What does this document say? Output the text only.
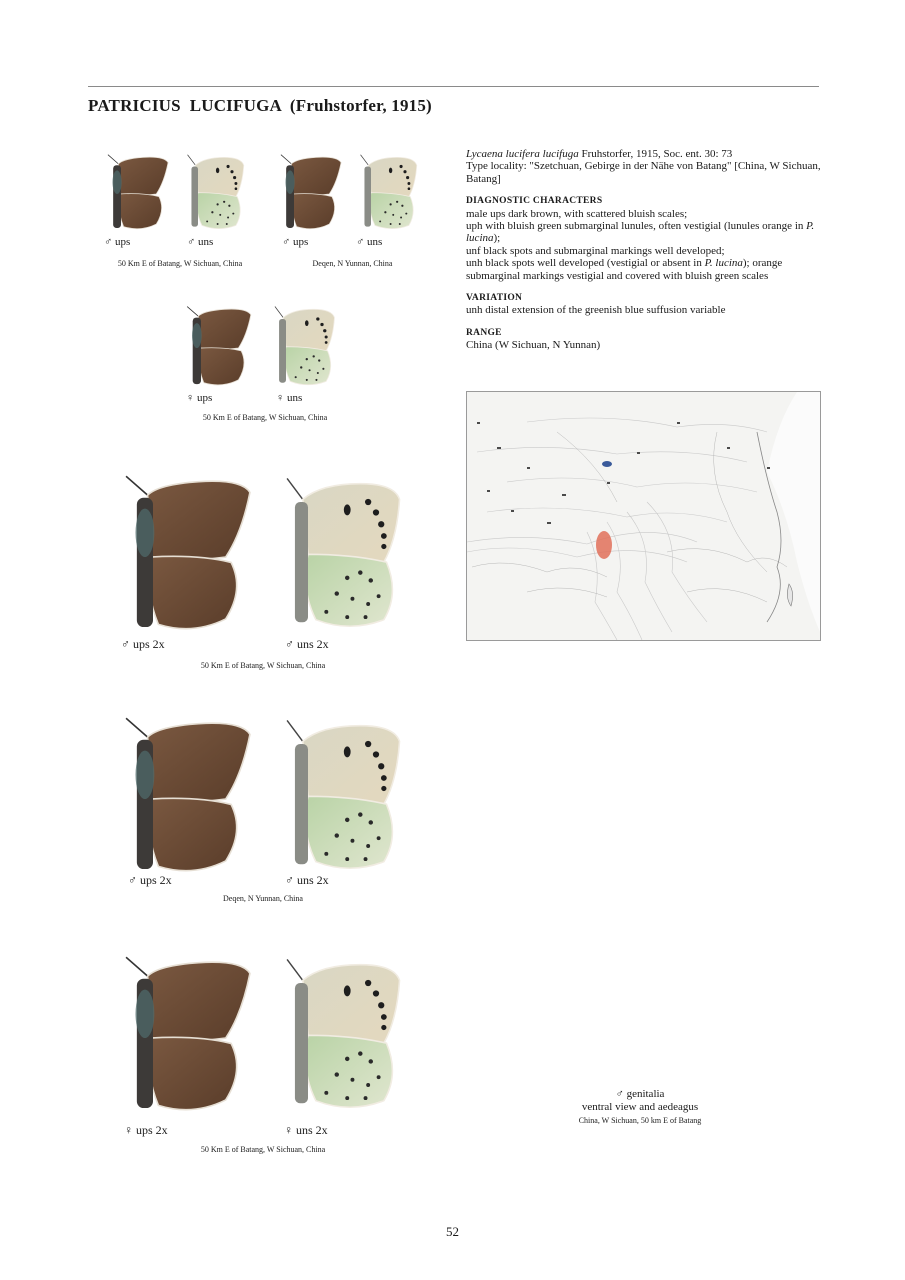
PATRICIUS  LUCIFUGA  (Fruhstorfer, 1915)
♂ ups	♂ uns	♂ ups	♂ uns
50 Km E of Batang, W Sichuan, China	Deqen, N Yunnan, China
♀ ups	♀ uns
50 Km E of Batang, W Sichuan, China
♂ ups 2x	♂ uns 2x
50 Km E of Batang, W Sichuan, China
♂ ups 2x	♂ uns 2x
Deqen, N Yunnan, China
♀ ups 2x	♀ uns 2x
50 Km E of Batang, W Sichuan, China

Lycaena lucifera lucifuga Fruhstorfer, 1915, Soc. ent. 30: 73

Type locality: "Szetchuan, Gebirge in der Nähe von Batang" [China, W Sichuan, Batang]

DIAGNOSTIC CHARACTERS

male ups dark brown, with scattered bluish scales;

uph with bluish green submarginal lunules, often vestigial (lunules orange in P. lucina);

unf black spots and submarginal markings well developed;

unh black spots well developed (vestigial or absent in P. lucina); orange submarginal markings vestigial and covered with bluish green scales

VARIATION

unh distal extension of the greenish blue suffusion variable

RANGE

China (W Sichuan, N Yunnan)

♂ genitalia
ventral view and aedeagus
China, W Sichuan, 50 km E of Batang
52
